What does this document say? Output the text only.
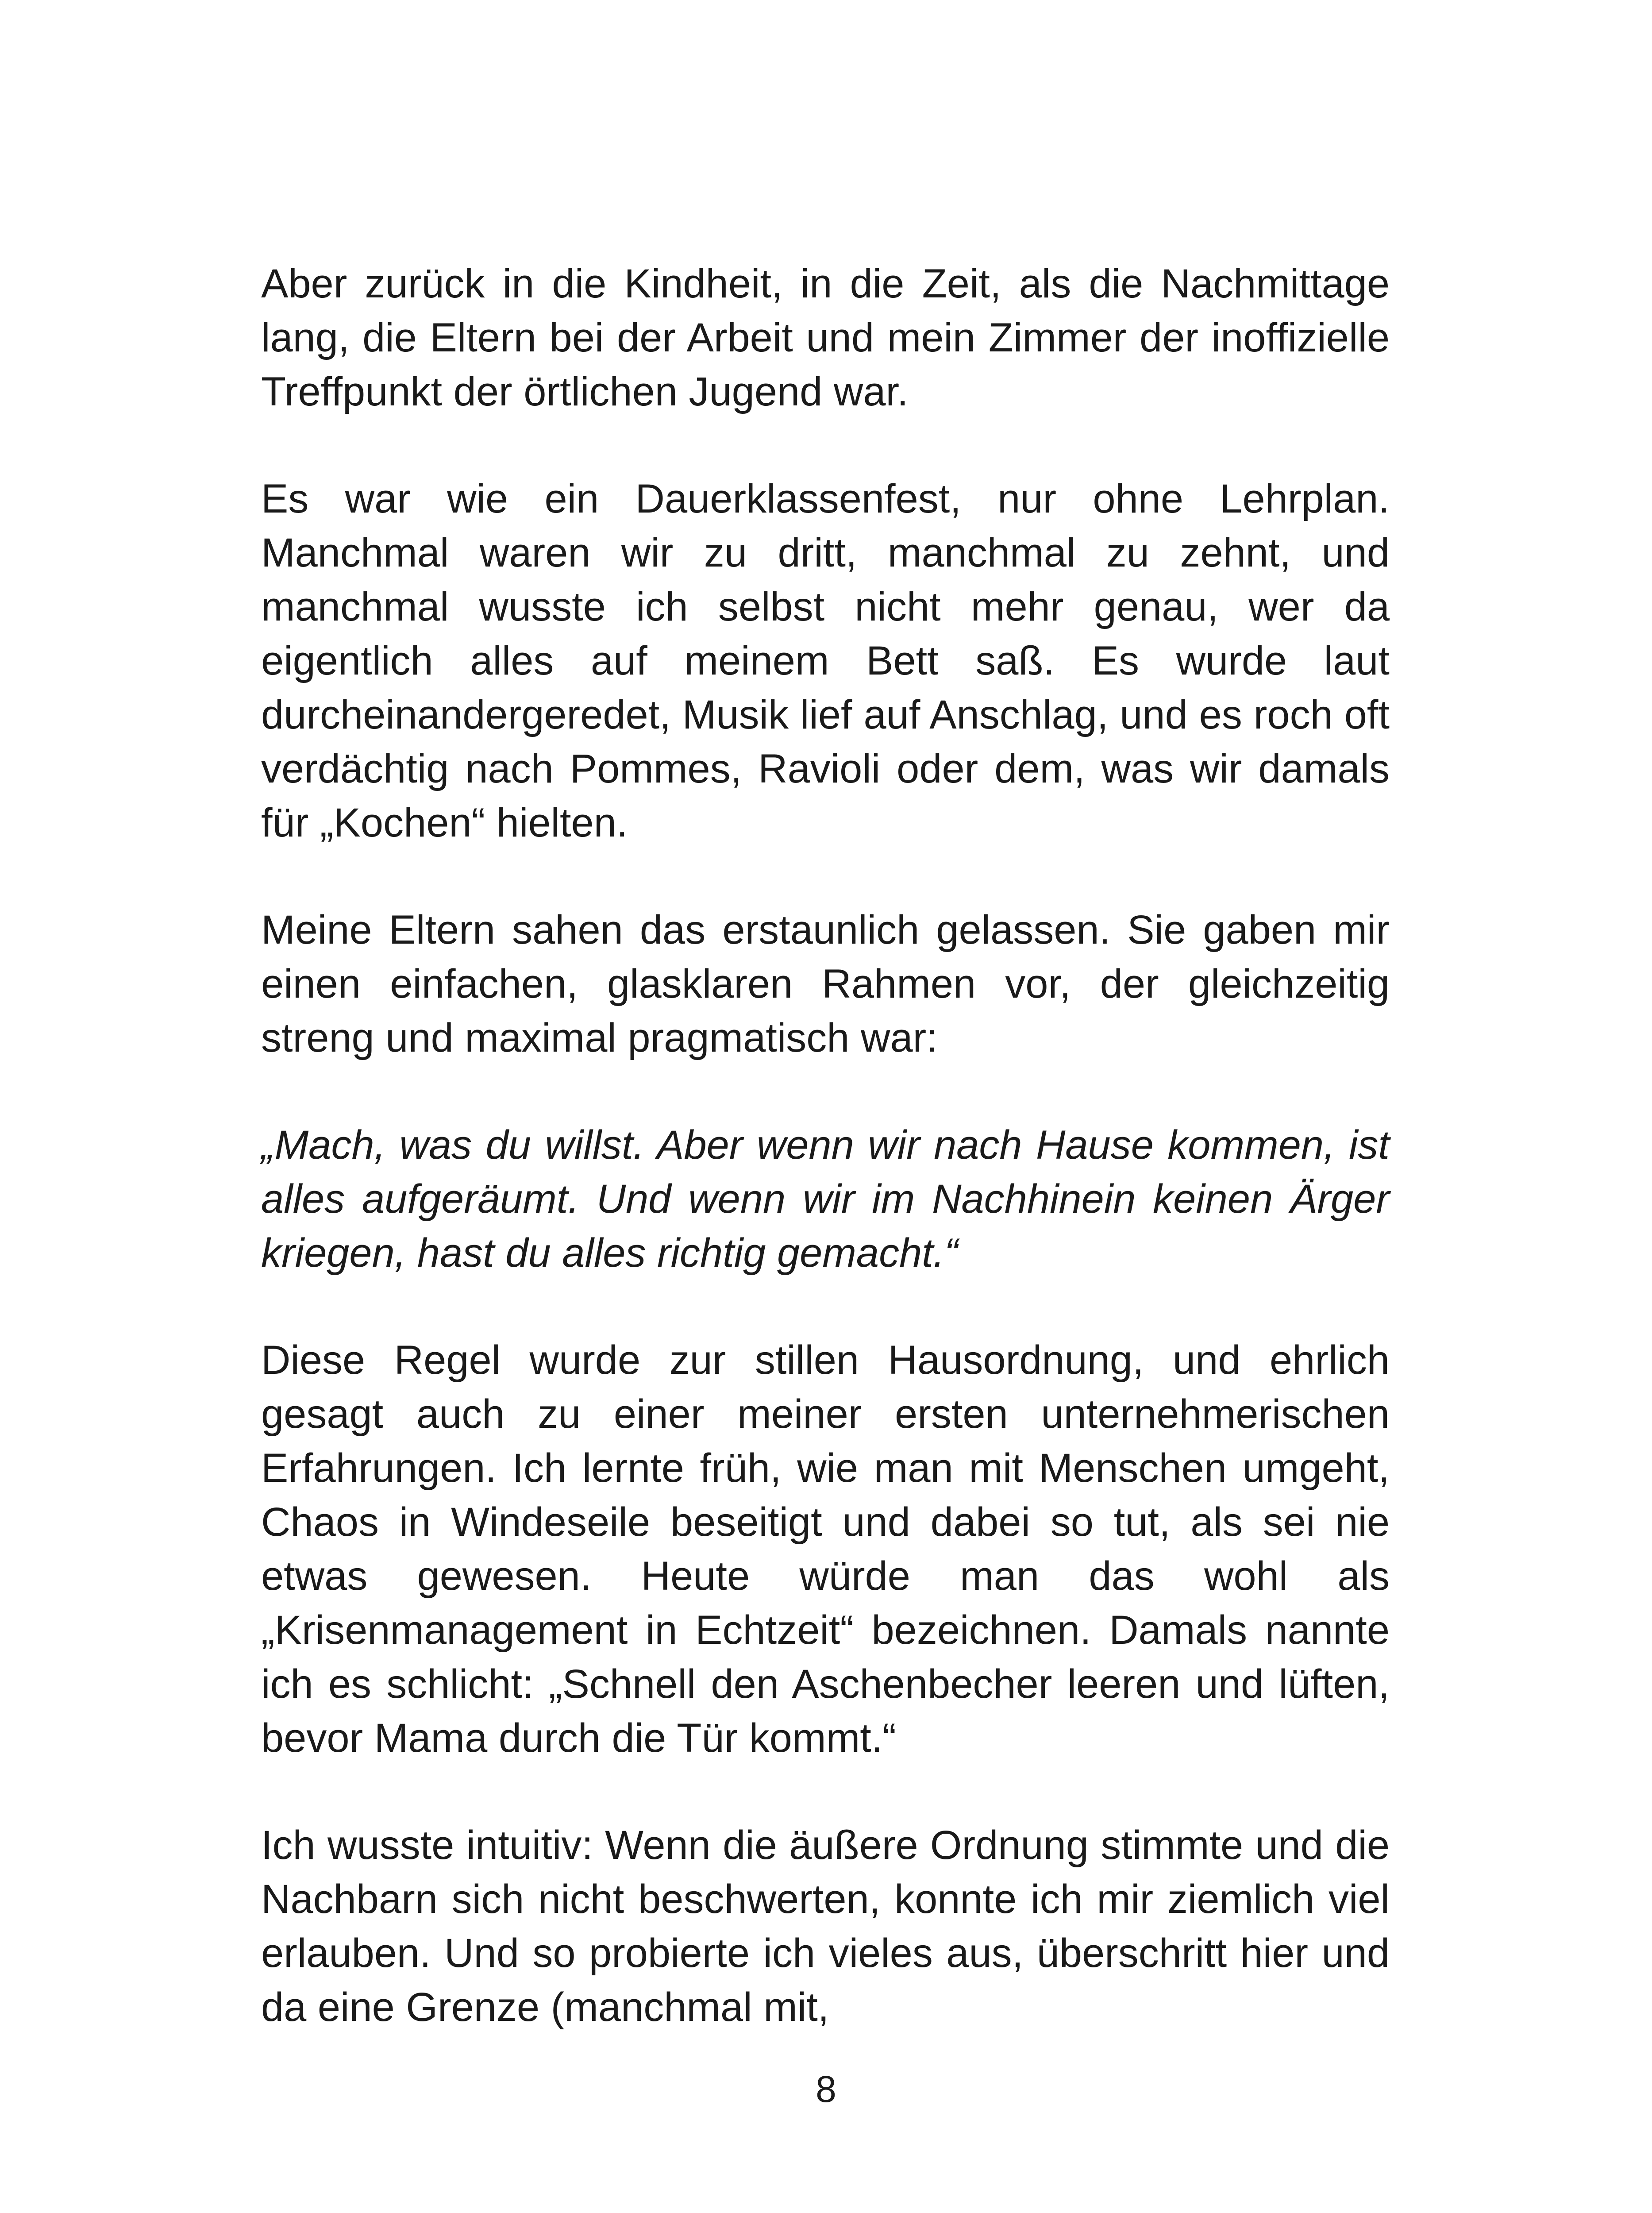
Aber zurück in die Kindheit, in die Zeit, als die Nachmittage lang, die Eltern bei der Arbeit und mein Zimmer der inoffizielle Treffpunkt der örtlichen Jugend war.

Es war wie ein Dauerklassenfest, nur ohne Lehrplan. Manchmal waren wir zu dritt, manchmal zu zehnt, und manchmal wusste ich selbst nicht mehr genau, wer da eigentlich alles auf meinem Bett saß. Es wurde laut durcheinandergeredet, Musik lief auf Anschlag, und es roch oft verdächtig nach Pommes, Ravioli oder dem, was wir damals für „Kochen“ hielten.

Meine Eltern sahen das erstaunlich gelassen. Sie gaben mir einen einfachen, glasklaren Rahmen vor, der gleichzeitig streng und maximal pragmatisch war:

„Mach, was du willst. Aber wenn wir nach Hause kommen, ist alles aufgeräumt. Und wenn wir im Nachhinein keinen Ärger kriegen, hast du alles richtig gemacht.“

Diese Regel wurde zur stillen Hausordnung, und ehrlich gesagt auch zu einer meiner ersten unternehmerischen Erfahrungen. Ich lernte früh, wie man mit Menschen umgeht, Chaos in Windeseile beseitigt und dabei so tut, als sei nie etwas gewesen. Heute würde man das wohl als „Krisenmanagement in Echtzeit“ bezeichnen. Damals nannte ich es schlicht: „Schnell den Aschenbecher leeren und lüften, bevor Mama durch die Tür kommt.“

Ich wusste intuitiv: Wenn die äußere Ordnung stimmte und die Nachbarn sich nicht beschwerten, konnte ich mir ziemlich viel erlauben. Und so probierte ich vieles aus, überschritt hier und da eine Grenze (manchmal mit,

8
